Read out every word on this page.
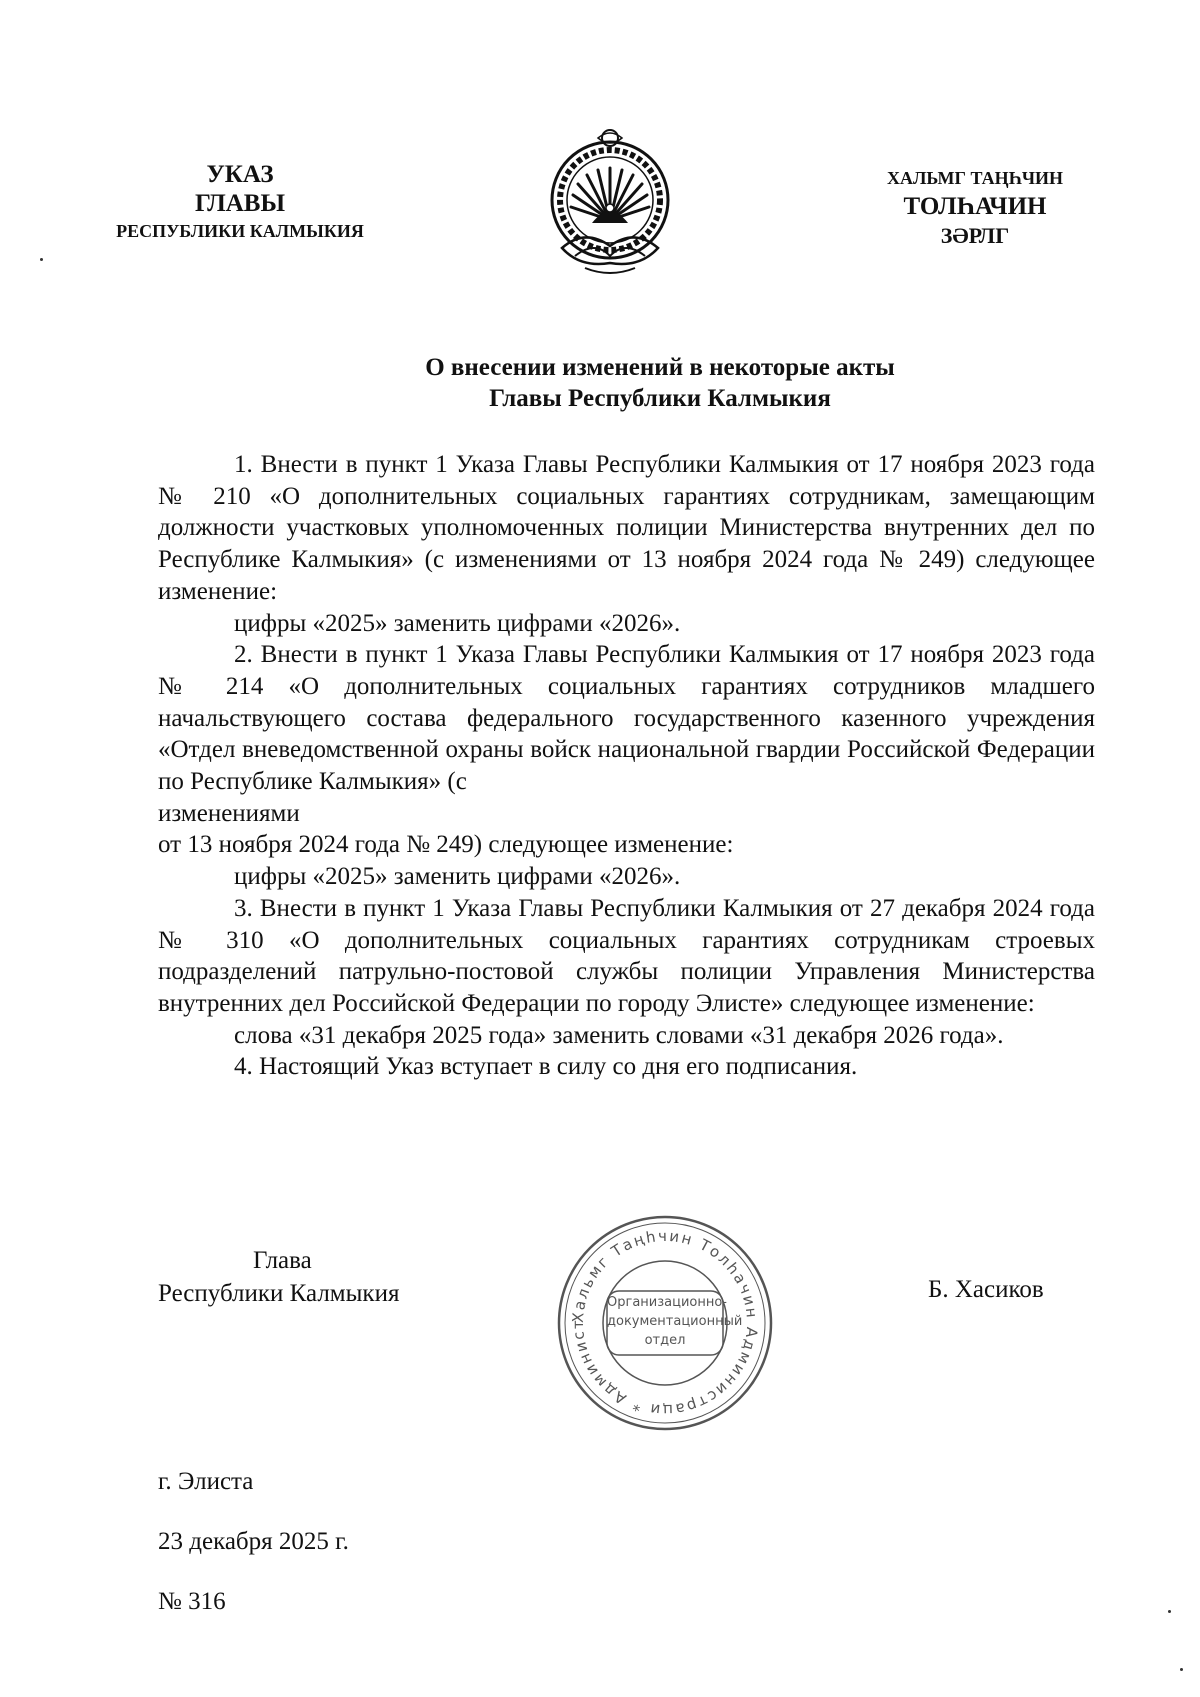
УКАЗ
ГЛАВЫ
РЕСПУБЛИКИ КАЛМЫКИЯ
ХАЛЬМГ ТАҢҺЧИН
ТОЛҺАЧИН
ЗӘРЛГ
О внесении изменений в некоторые акты
Главы Республики Калмыкия

1. Внести в пункт 1 Указа Главы Республики Калмыкия от 17 ноября 2023 года № 210 «О дополнительных социальных гарантиях сотрудникам, замещающим должности участковых уполномоченных полиции Министерства внутренних дел по Республике Калмыкия» (с изменениями от 13 ноября 2024 года № 249) следующее изменение:

цифры «2025» заменить цифрами «2026».

2. Внести в пункт 1 Указа Главы Республики Калмыкия от 17 ноября 2023 года № 214 «О дополнительных социальных гарантиях сотрудников младшего начальствующего состава федерального государственного казенного учреждения «Отдел вневедомственной охраны войск национальной гвардии Российской Федерации по Республике Калмыкия» (с

изменениями

от 13 ноября 2024 года № 249) следующее изменение:

цифры «2025» заменить цифрами «2026».

3. Внести в пункт 1 Указа Главы Республики Калмыкия от 27 декабря 2024 года № 310 «О дополнительных социальных гарантиях сотрудникам строевых подразделений патрульно-постовой службы полиции Управления Министерства внутренних дел Российской Федерации по городу Элисте» следующее изменение:

слова «31 декабря 2025 года» заменить словами «31 декабря 2026 года».

4. Настоящий Указ вступает в силу со дня его подписания.

Глава
Республики Калмыкия
Хальмг Таңһчин Толһачин Администраци * Админист
Организационно-
документационный
отдел
Б. Хасиков
г. Элиста
23 декабря 2025 г.
№ 316
